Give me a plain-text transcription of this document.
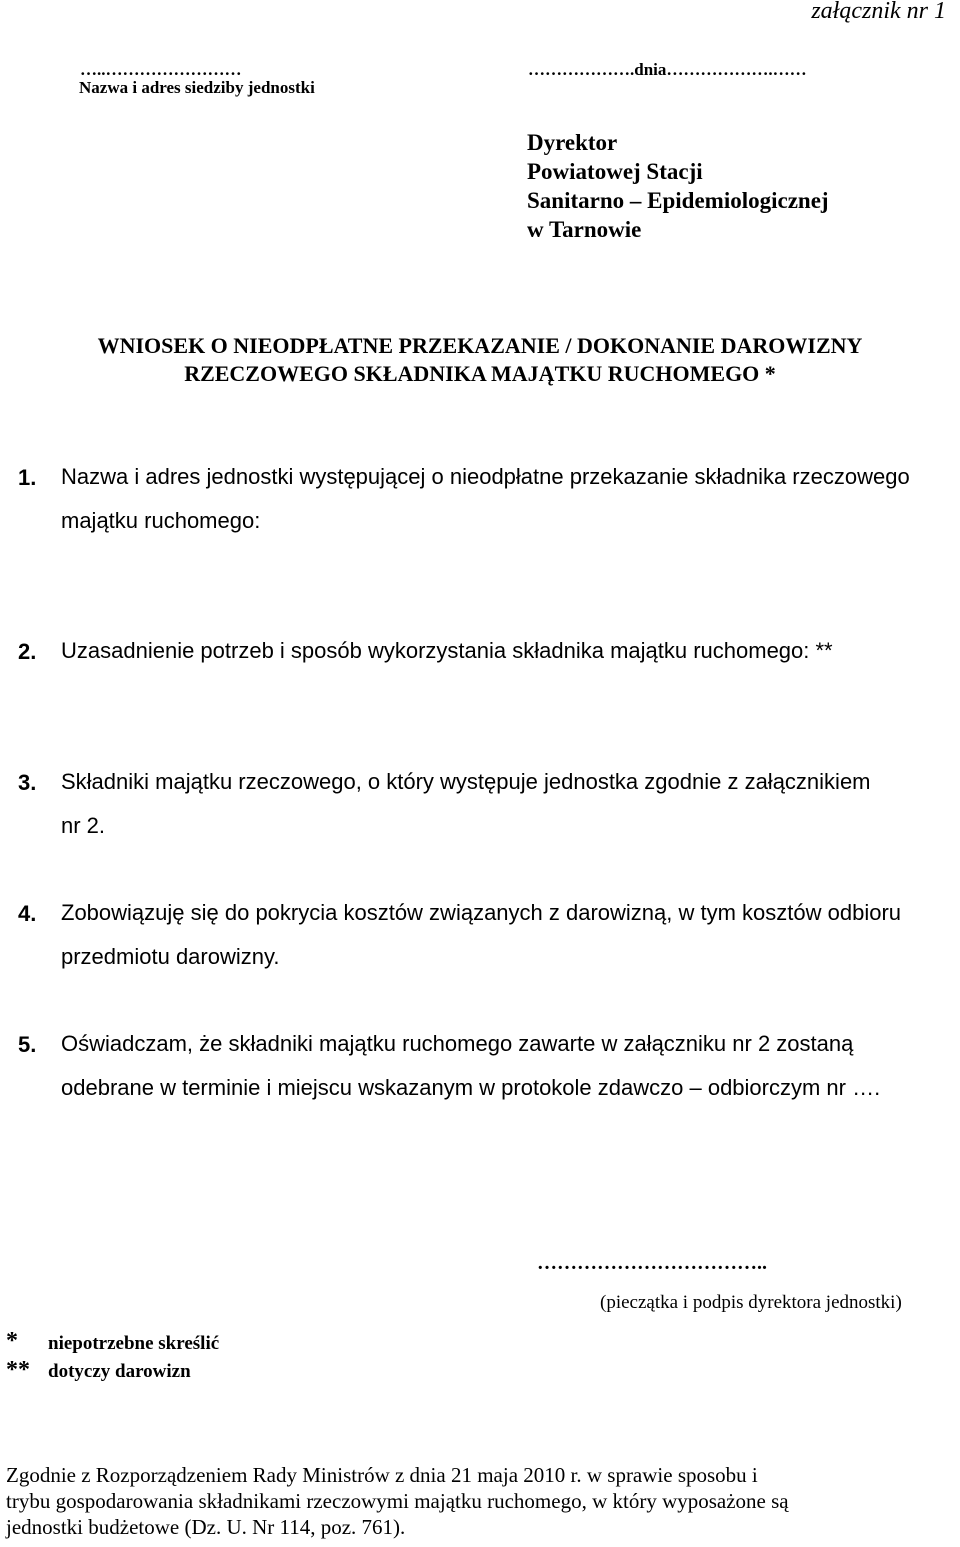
załącznik nr 1
…..……………………
Nazwa i adres siedziby jednostki
……………….dnia……………….……
Dyrektor
Powiatowej Stacji
Sanitarno – Epidemiologicznej
w Tarnowie
WNIOSEK O NIEODPŁATNE PRZEKAZANIE / DOKONANIE DAROWIZNY
RZECZOWEGO SKŁADNIKA MAJĄTKU RUCHOMEGO *
1. Nazwa i adres jednostki występującej o nieodpłatne przekazanie składnika rzeczowego
majątku ruchomego:
2. Uzasadnienie potrzeb i sposób wykorzystania składnika majątku ruchomego: **
3. Składniki majątku rzeczowego, o który występuje jednostka zgodnie z załącznikiem
nr 2.
4. Zobowiązuję się do pokrycia kosztów związanych z darowizną, w tym kosztów odbioru
przedmiotu darowizny.
5. Oświadczam, że składniki majątku ruchomego zawarte w załączniku nr 2 zostaną
odebrane w terminie i miejscu wskazanym w protokole zdawczo – odbiorczym nr ….
……………………………..
(pieczątka i podpis dyrektora jednostki)
* niepotrzebne skreślić
** dotyczy darowizn
Zgodnie z Rozporządzeniem Rady Ministrów z dnia 21 maja 2010 r. w sprawie sposobu i
trybu gospodarowania składnikami rzeczowymi majątku ruchomego, w który wyposażone są
jednostki budżetowe (Dz. U. Nr 114, poz. 761).
